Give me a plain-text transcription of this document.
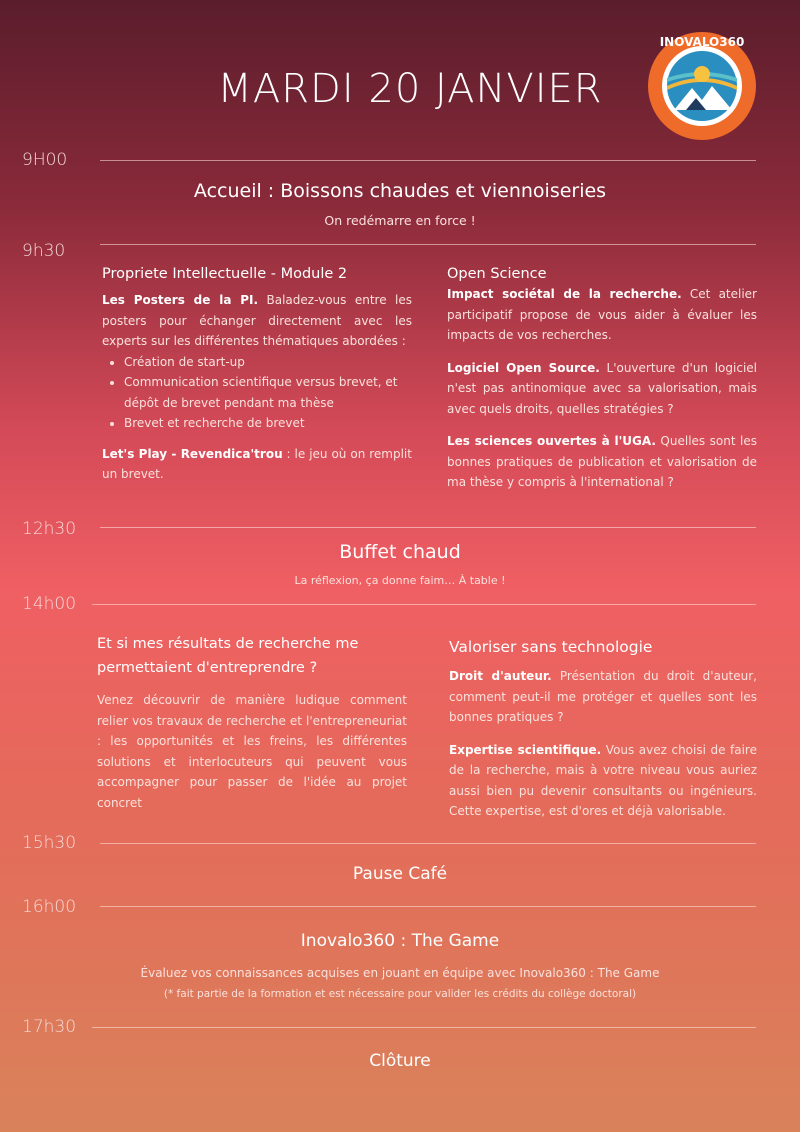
MARDI 20 JANVIER
INOVALO360
9H00
Accueil : Boissons chaudes et viennoiseries
On redémarre en force !
9h30
Propriete Intellectuelle - Module 2
Les Posters de la PI. Baladez-vous entre les posters pour échanger directement avec les experts sur les différentes thématiques abordées :
• Création de start-up
• Communication scientifique versus brevet, et dépôt de brevet pendant ma thèse
• Brevet et recherche de brevet
Let's Play - Revendica'trou : le jeu où on remplit un brevet.
Open Science
Impact sociétal de la recherche. Cet atelier participatif propose de vous aider à évaluer les impacts de vos recherches.
Logiciel Open Source. L'ouverture d'un logiciel n'est pas antinomique avec sa valorisation, mais avec quels droits, quelles stratégies ?
Les sciences ouvertes à l'UGA. Quelles sont les bonnes pratiques de publication et valorisation de ma thèse y compris à l'international ?
12h30
Buffet chaud
La réflexion, ça donne faim… À table !
14h00
Et si mes résultats de recherche me permettaient d'entreprendre ?
Venez découvrir de manière ludique comment relier vos travaux de recherche et l'entrepreneuriat : les opportunités et les freins, les différentes solutions et interlocuteurs qui peuvent vous accompagner pour passer de l'idée au projet concret
Valoriser sans technologie
Droit d'auteur. Présentation du droit d'auteur, comment peut-il me protéger et quelles sont les bonnes pratiques ?
Expertise scientifique. Vous avez choisi de faire de la recherche, mais à votre niveau vous auriez aussi bien pu devenir consultants ou ingénieurs. Cette expertise, est d'ores et déjà valorisable.
15h30
Pause Café
16h00
Inovalo360 : The Game
Évaluez vos connaissances acquises en jouant en équipe avec Inovalo360 : The Game
(* fait partie de la formation et est nécessaire pour valider les crédits du collège doctoral)
17h30
Clôture
